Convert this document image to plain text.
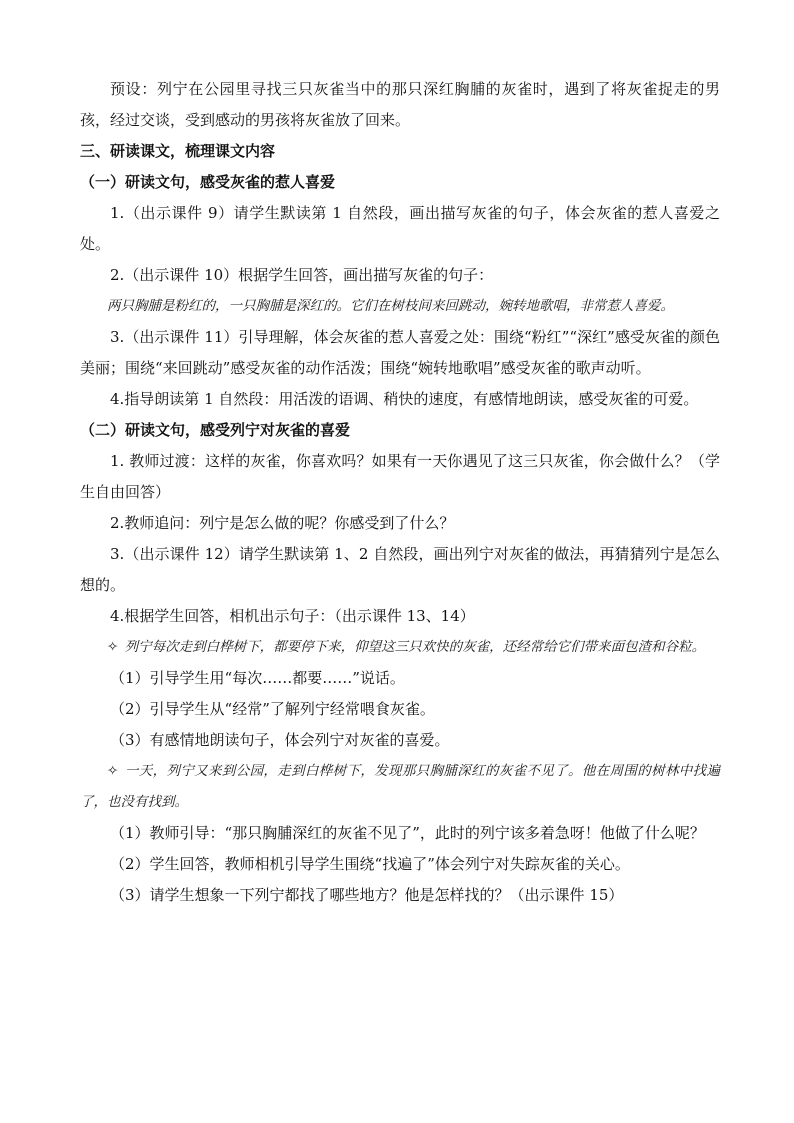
预设：列宁在公园里寻找三只灰雀当中的那只深红胸脯的灰雀时，遇到了将灰雀捉走的男孩，经过交谈，受到感动的男孩将灰雀放了回来。

三、研读课文，梳理课文内容

（一）研读文句，感受灰雀的惹人喜爱

1.（出示课件 9）请学生默读第 1 自然段，画出描写灰雀的句子，体会灰雀的惹人喜爱之处。

2.（出示课件 10）根据学生回答，画出描写灰雀的句子：

两只胸脯是粉红的，一只胸脯是深红的。它们在树枝间来回跳动，婉转地歌唱，非常惹人喜爱。

3.（出示课件 11）引导理解，体会灰雀的惹人喜爱之处：围绕“粉红”“深红”感受灰雀的颜色美丽；围绕“来回跳动”感受灰雀的动作活泼；围绕“婉转地歌唱”感受灰雀的歌声动听。

4.指导朗读第 1 自然段：用活泼的语调、稍快的速度，有感情地朗读，感受灰雀的可爱。

（二）研读文句，感受列宁对灰雀的喜爱

1. 教师过渡：这样的灰雀，你喜欢吗？如果有一天你遇见了这三只灰雀，你会做什么？（学生自由回答）

2.教师追问：列宁是怎么做的呢？你感受到了什么？

3.（出示课件 12）请学生默读第 1、2 自然段，画出列宁对灰雀的做法，再猜猜列宁是怎么想的。

4.根据学生回答，相机出示句子：（出示课件 13、14）

✧ 列宁每次走到白桦树下，都要停下来，仰望这三只欢快的灰雀，还经常给它们带来面包渣和谷粒。

（1）引导学生用“每次……都要……”说话。

（2）引导学生从“经常”了解列宁经常喂食灰雀。

（3）有感情地朗读句子，体会列宁对灰雀的喜爱。

✧ 一天，列宁又来到公园，走到白桦树下，发现那只胸脯深红的灰雀不见了。他在周围的树林中找遍了，也没有找到。

（1）教师引导：“那只胸脯深红的灰雀不见了”，此时的列宁该多着急呀！他做了什么呢？

（2）学生回答，教师相机引导学生围绕“找遍了”体会列宁对失踪灰雀的关心。

（3）请学生想象一下列宁都找了哪些地方？他是怎样找的？（出示课件 15）
